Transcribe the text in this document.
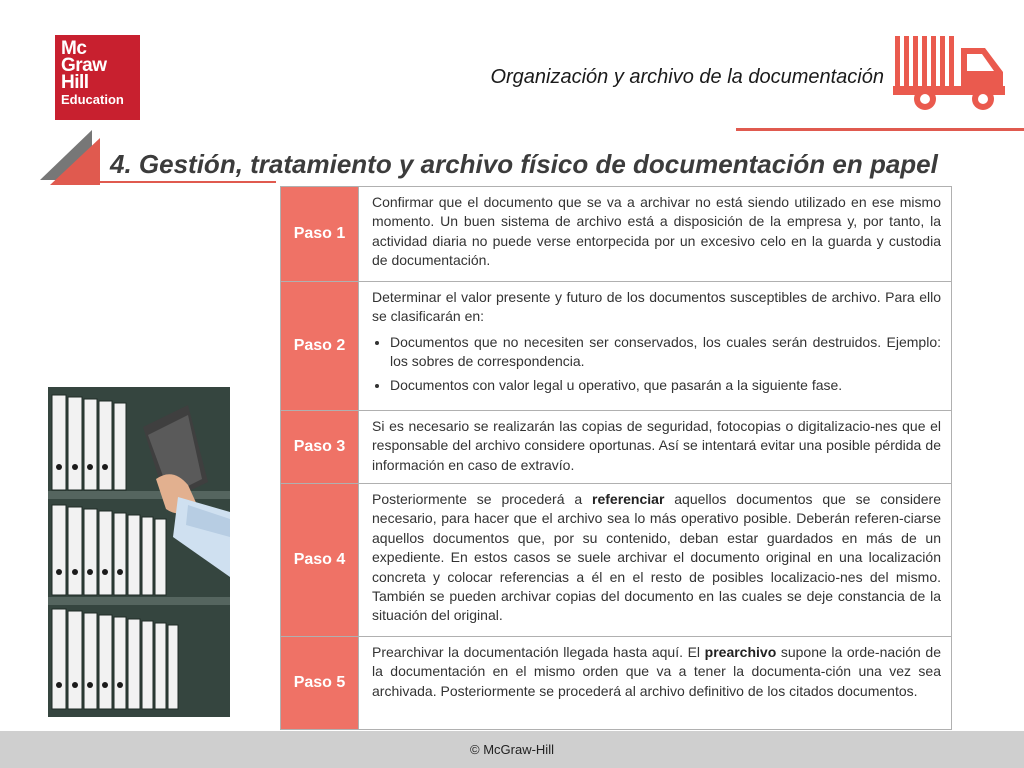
Mc
Graw
Hill
Education
Organización y archivo de la documentación
4. Gestión, tratamiento y archivo físico de documentación en papel
Paso 1
Confirmar que el documento que se va a archivar no está siendo utilizado en ese mismo momento. Un buen sistema de archivo está a disposición de la empresa y, por tanto, la actividad diaria no puede verse entorpecida por un excesivo celo en la guarda y custodia de documentación.
Paso 2
Determinar el valor presente y futuro de los documentos susceptibles de archivo. Para ello se clasificarán en:
• Documentos que no necesiten ser conservados, los cuales serán destruidos. Ejemplo: los sobres de correspondencia.
• Documentos con valor legal u operativo, que pasarán a la siguiente fase.
Paso 3
Si es necesario se realizarán las copias de seguridad, fotocopias o digitalizacio-nes que el responsable del archivo considere oportunas. Así se intentará evitar una posible pérdida de información en caso de extravío.
Paso 4
Posteriormente se procederá a referenciar aquellos documentos que se considere necesario, para hacer que el archivo sea lo más operativo posible. Deberán referen-ciarse aquellos documentos que, por su contenido, deban estar guardados en más de un expediente. En estos casos se suele archivar el documento original en una localización concreta y colocar referencias a él en el resto de posibles localizacio-nes del mismo. También se pueden archivar copias del documento en las cuales se deje constancia de la situación del original.
Paso 5
Prearchivar la documentación llegada hasta aquí. El prearchivo supone la orde-nación de la documentación en el mismo orden que va a tener la documenta-ción una vez sea archivada. Posteriormente se procederá al archivo definitivo de los citados documentos.
© McGraw-Hill
